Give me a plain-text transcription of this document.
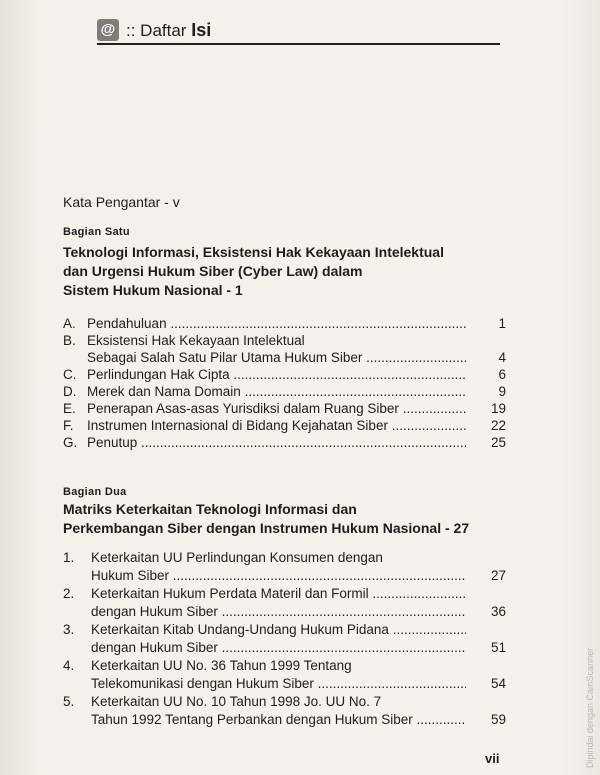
@ :: Daftar Isi
Kata Pengantar - v
Bagian Satu
Teknologi Informasi, Eksistensi Hak Kekayaan Intelektual
dan Urgensi Hukum Siber (Cyber Law) dalam
Sistem Hukum Nasional - 1
A. Pendahuluan .....	1
B. Eksistensi Hak Kekayaan Intelektual
Sebagai Salah Satu Pilar Utama Hukum Siber .....	4
C. Perlindungan Hak Cipta .....	6
D. Merek dan Nama Domain .....	9
E. Penerapan Asas-asas Yurisdiksi dalam Ruang Siber .....	19
F. Instrumen Internasional di Bidang Kejahatan Siber .....	22
G. Penutup .....	25
Bagian Dua
Matriks Keterkaitan Teknologi Informasi dan
Perkembangan Siber dengan Instrumen Hukum Nasional - 27
1. Keterkaitan UU Perlindungan Konsumen dengan
Hukum Siber .....	27
2. Keterkaitan Hukum Perdata Materil dan Formil .....
dengan Hukum Siber .....	36
3. Keterkaitan Kitab Undang-Undang Hukum Pidana .....
dengan Hukum Siber .....	51
4. Keterkaitan UU No. 36 Tahun 1999 Tentang
Telekomunikasi dengan Hukum Siber .....	54
5. Keterkaitan UU No. 10 Tahun 1998 Jo. UU No. 7
Tahun 1992 Tentang Perbankan dengan Hukum Siber .....	59
vii	Dipindai dengan CamScanner
